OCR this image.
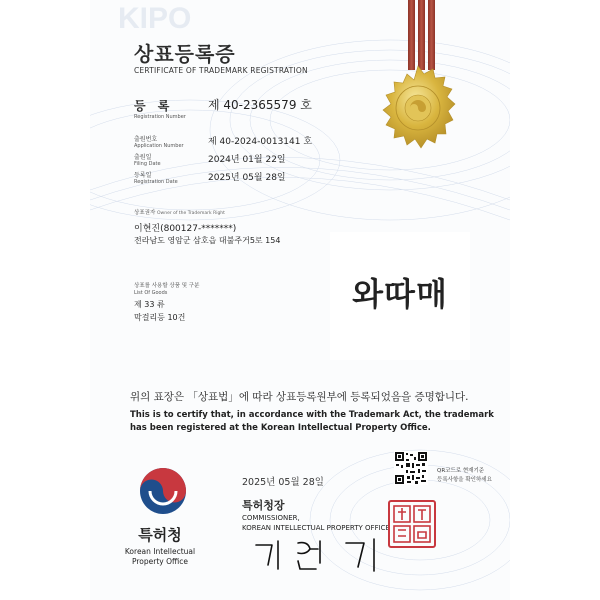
KIPO
상표등록증
CERTIFICATE OF TRADEMARK REGISTRATION
등 록
Registration Number
제 40-2365579 호
출원번호
Application Number	제 40-2024-0013141 호
출원일
Filing Date	2024년 01월 22일
등록일
Registration Date	2025년 05월 28일
상표권자 Owner of the Trademark Right
이현진(800127-*******)
전라남도 영암군 삼호읍 대불주거5로 154
상표를 사용할 상품 및 구분
List Of Goods
제 33 류
막걸리등 10건
와따매
위의 표장은 「상표법」에 따라 상표등록원부에 등록되었음을 증명합니다.
This is to certify that, in accordance with the Trademark Act, the trademark
has been registered at the Korean Intellectual Property Office.
특허청
Korean Intellectual
Property Office
2025년 05월 28일
특허청장
COMMISSIONER,
KOREAN INTELLECTUAL PROPERTY OFFICE
QR코드로 현재기준
등록사항을 확인하세요
